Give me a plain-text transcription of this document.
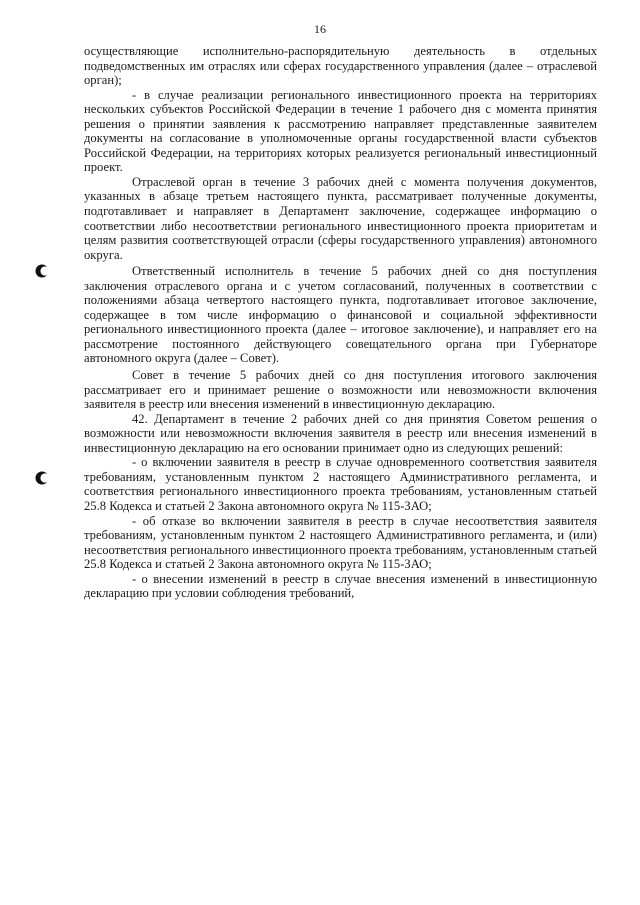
16

осуществляющие исполнительно-распорядительную деятельность в отдельных подведомственных им отраслях или сферах государственного управления (далее – отраслевой орган);

- в случае реализации регионального инвестиционного проекта на территориях нескольких субъектов Российской Федерации в течение 1 рабочего дня с момента принятия решения о принятии заявления к рассмотрению направляет представленные заявителем документы на согласование в уполномоченные органы государственной власти субъектов Российской Федерации, на территориях которых реализуется региональный инвестиционный проект.

Отраслевой орган в течение 3 рабочих дней с момента получения документов, указанных в абзаце третьем настоящего пункта, рассматривает полученные документы, подготавливает и направляет в Департамент заключение, содержащее информацию о соответствии либо несоответствии регионального инвестиционного проекта приоритетам и целям развития соответствующей отрасли (сферы государственного управления) автономного округа.

Ответственный исполнитель в течение 5 рабочих дней со дня поступления заключения отраслевого органа и с учетом согласований, полученных в соответствии с положениями абзаца четвертого настоящего пункта, подготавливает итоговое заключение, содержащее в том числе информацию о финансовой и социальной эффективности регионального инвестиционного проекта (далее – итоговое заключение), и направляет его на рассмотрение постоянного действующего совещательного органа при Губернаторе автономного округа (далее – Совет).

Совет в течение 5 рабочих дней со дня поступления итогового заключения рассматривает его и принимает решение о возможности или невозможности включения заявителя в реестр или внесения изменений в инвестиционную декларацию.

42. Департамент в течение 2 рабочих дней со дня принятия Советом решения о возможности или невозможности включения заявителя в реестр или внесения изменений в инвестиционную декларацию на его основании принимает одно из следующих решений:

- о включении заявителя в реестр в случае одновременного соответствия заявителя требованиям, установленным пунктом 2 настоящего Административного регламента, и соответствия регионального инвестиционного проекта требованиям, установленным статьей 25.8 Кодекса и статьей 2 Закона автономного округа № 115-ЗАО;

- об отказе во включении заявителя в реестр в случае несоответствия заявителя требованиям, установленным пунктом 2 настоящего Административного регламента, и (или) несоответствия регионального инвестиционного проекта требованиям, установленным статьей 25.8 Кодекса и статьей 2 Закона автономного округа № 115-ЗАО;

- о внесении изменений в реестр в случае внесения изменений в инвестиционную декларацию при условии соблюдения требований,
